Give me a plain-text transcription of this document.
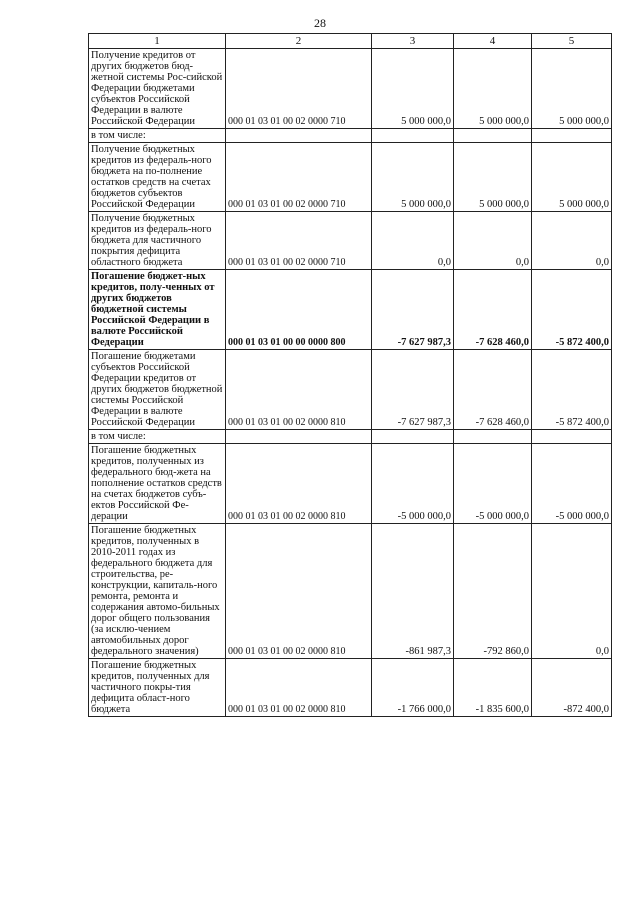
28
1	2	3	4	5
Получение кредитов от других бюджетов бюд-жетной системы Рос-сийской Федерации бюджетами субъектов Российской Федерации в валюте Российской Федерации	000 01 03 01 00 02 0000 710	5 000 000,0	5 000 000,0	5 000 000,0
в том числе:				
Получение бюджетных кредитов из федераль-ного бюджета на по-полнение остатков средств на счетах бюджетов субъектов Российской Федерации	000 01 03 01 00 02 0000 710	5 000 000,0	5 000 000,0	5 000 000,0
Получение бюджетных кредитов из федераль-ного бюджета для частичного покрытия дефицита областного бюджета	000 01 03 01 00 02 0000 710	0,0	0,0	0,0
Погашение бюджет-ных кредитов, полу-ченных от других бюджетов бюджетной системы Российской Федерации в валюте Российской Федерации	000 01 03 01 00 00 0000 800	-7 627 987,3	-7 628 460,0	-5 872 400,0
Погашение бюджетами субъектов Российской Федерации кредитов от других бюджетов бюджетной системы Российской Федерации в валюте Российской Федерации	000 01 03 01 00 02 0000 810	-7 627 987,3	-7 628 460,0	-5 872 400,0
в том числе:				
Погашение бюджетных кредитов, полученных из федерального бюд-жета на пополнение остатков средств на счетах бюджетов субъ-ектов Российской Фе-дерации	000 01 03 01 00 02 0000 810	-5 000 000,0	-5 000 000,0	-5 000 000,0
Погашение бюджетных кредитов, полученных в 2010-2011 годах из федерального бюджета для строительства, ре-конструкции, капиталь-ного ремонта, ремонта и содержания автомо-бильных дорог общего пользования (за исклю-чением автомобильных дорог федерального значения)	000 01 03 01 00 02 0000 810	-861 987,3	-792 860,0	0,0
Погашение бюджетных кредитов, полученных для частичного покры-тия дефицита област-ного бюджета	000 01 03 01 00 02 0000 810	-1 766 000,0	-1 835 600,0	-872 400,0
